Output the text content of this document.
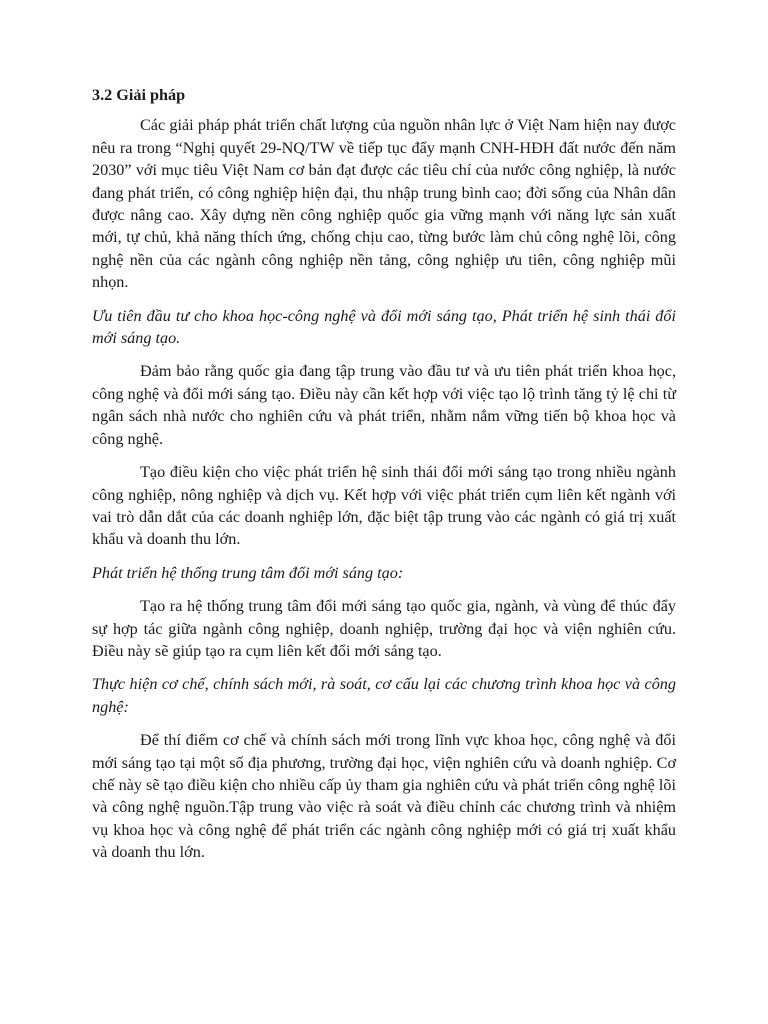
3.2 Giải pháp

Các giải pháp phát triển chất lượng của nguồn nhân lực ở Việt Nam hiện nay được nêu ra trong “Nghị quyết 29-NQ/TW về tiếp tục đẩy mạnh CNH-HĐH đất nước đến năm 2030” với mục tiêu Việt Nam cơ bản đạt được các tiêu chí của nước công nghiệp, là nước đang phát triển, có công nghiệp hiện đại, thu nhập trung bình cao; đời sống của Nhân dân được nâng cao. Xây dựng nền công nghiệp quốc gia vững mạnh với năng lực sản xuất mới, tự chủ, khả năng thích ứng, chống chịu cao, từng bước làm chủ công nghệ lõi, công nghệ nền của các ngành công nghiệp nền tảng, công nghiệp ưu tiên, công nghiệp mũi nhọn.

Ưu tiên đầu tư cho khoa học-công nghệ và đổi mới sáng tạo, Phát triển hệ sinh thái đổi mới sáng tạo.

Đảm bảo rằng quốc gia đang tập trung vào đầu tư và ưu tiên phát triển khoa học, công nghệ và đổi mới sáng tạo. Điều này cần kết hợp với việc tạo lộ trình tăng tỷ lệ chi từ ngân sách nhà nước cho nghiên cứu và phát triển, nhằm nắm vững tiến bộ khoa học và công nghệ.

Tạo điều kiện cho việc phát triển hệ sinh thái đổi mới sáng tạo trong nhiều ngành công nghiệp, nông nghiệp và dịch vụ. Kết hợp với việc phát triển cụm liên kết ngành với vai trò dẫn dắt của các doanh nghiệp lớn, đặc biệt tập trung vào các ngành có giá trị xuất khẩu và doanh thu lớn.

Phát triển hệ thống trung tâm đổi mới sáng tạo:

Tạo ra hệ thống trung tâm đổi mới sáng tạo quốc gia, ngành, và vùng để thúc đẩy sự hợp tác giữa ngành công nghiệp, doanh nghiệp, trường đại học và viện nghiên cứu. Điều này sẽ giúp tạo ra cụm liên kết đổi mới sáng tạo.

Thực hiện cơ chế, chính sách mới, rà soát, cơ cấu lại các chương trình khoa học và công nghệ:

Để thí điểm cơ chế và chính sách mới trong lĩnh vực khoa học, công nghệ và đổi mới sáng tạo tại một số địa phương, trường đại học, viện nghiên cứu và doanh nghiệp. Cơ chế này sẽ tạo điều kiện cho nhiều cấp ủy tham gia nghiên cứu và phát triển công nghệ lõi và công nghệ nguồn.Tập trung vào việc rà soát và điều chỉnh các chương trình và nhiệm vụ khoa học và công nghệ để phát triển các ngành công nghiệp mới có giá trị xuất khẩu và doanh thu lớn.
